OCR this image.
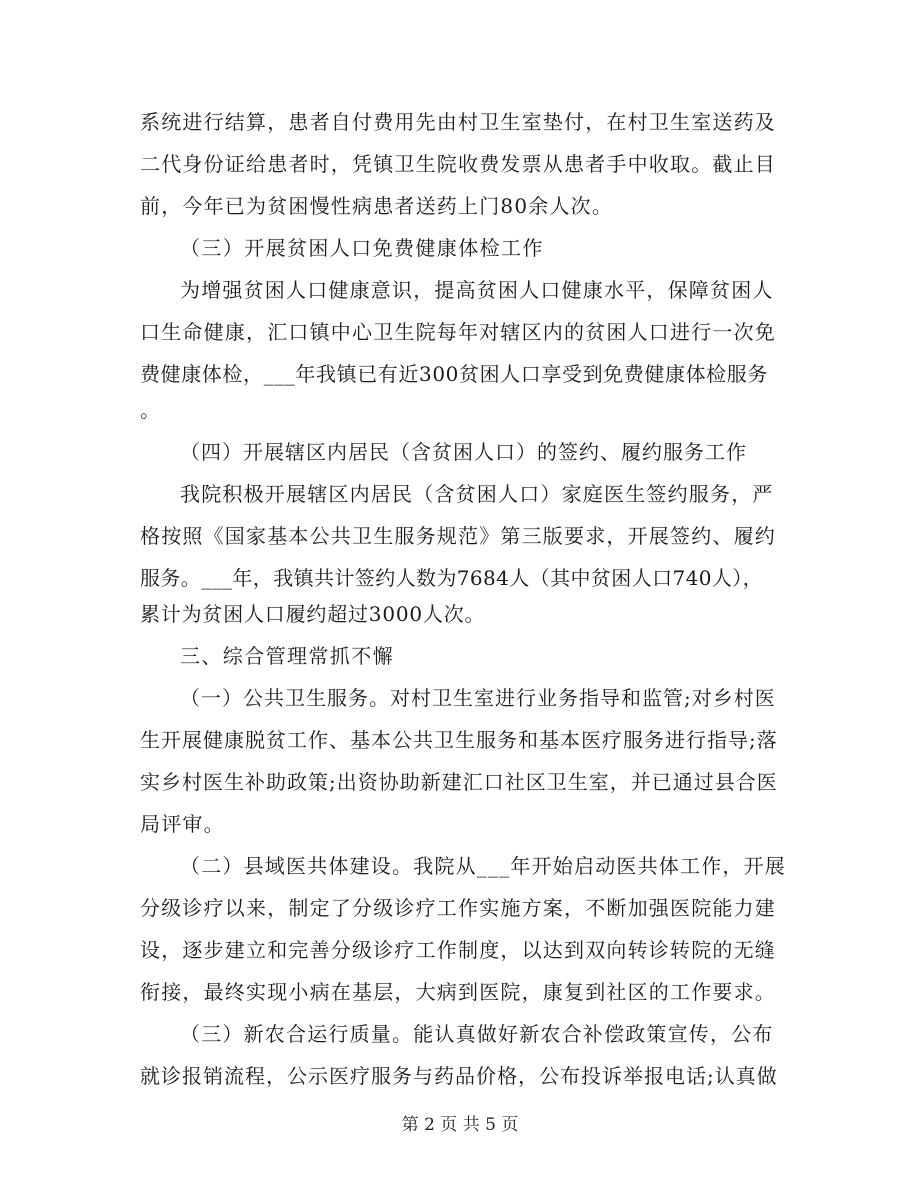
系统进行结算，患者自付费用先由村卫生室垫付，在村卫生室送药及
二代身份证给患者时，凭镇卫生院收费发票从患者手中收取。截止目
前，今年已为贫困慢性病患者送药上门80余人次。
（三）开展贫困人口免费健康体检工作
为增强贫困人口健康意识，提高贫困人口健康水平，保障贫困人
口生命健康，汇口镇中心卫生院每年对辖区内的贫困人口进行一次免
费健康体检，___年我镇已有近300贫困人口享受到免费健康体检服务
。
（四）开展辖区内居民（含贫困人口）的签约、履约服务工作
我院积极开展辖区内居民（含贫困人口）家庭医生签约服务，严
格按照《国家基本公共卫生服务规范》第三版要求，开展签约、履约
服务。___年，我镇共计签约人数为7684人（其中贫困人口740人），
累计为贫困人口履约超过3000人次。
三、综合管理常抓不懈
（一）公共卫生服务。对村卫生室进行业务指导和监管;对乡村医
生开展健康脱贫工作、基本公共卫生服务和基本医疗服务进行指导;落
实乡村医生补助政策;出资协助新建汇口社区卫生室，并已通过县合医
局评审。
（二）县域医共体建设。我院从___年开始启动医共体工作，开展
分级诊疗以来，制定了分级诊疗工作实施方案，不断加强医院能力建
设，逐步建立和完善分级诊疗工作制度，以达到双向转诊转院的无缝
衔接，最终实现小病在基层，大病到医院，康复到社区的工作要求。
（三）新农合运行质量。能认真做好新农合补偿政策宣传，公布
就诊报销流程，公示医疗服务与药品价格，公布投诉举报电话;认真做
第 2 页 共 5 页
